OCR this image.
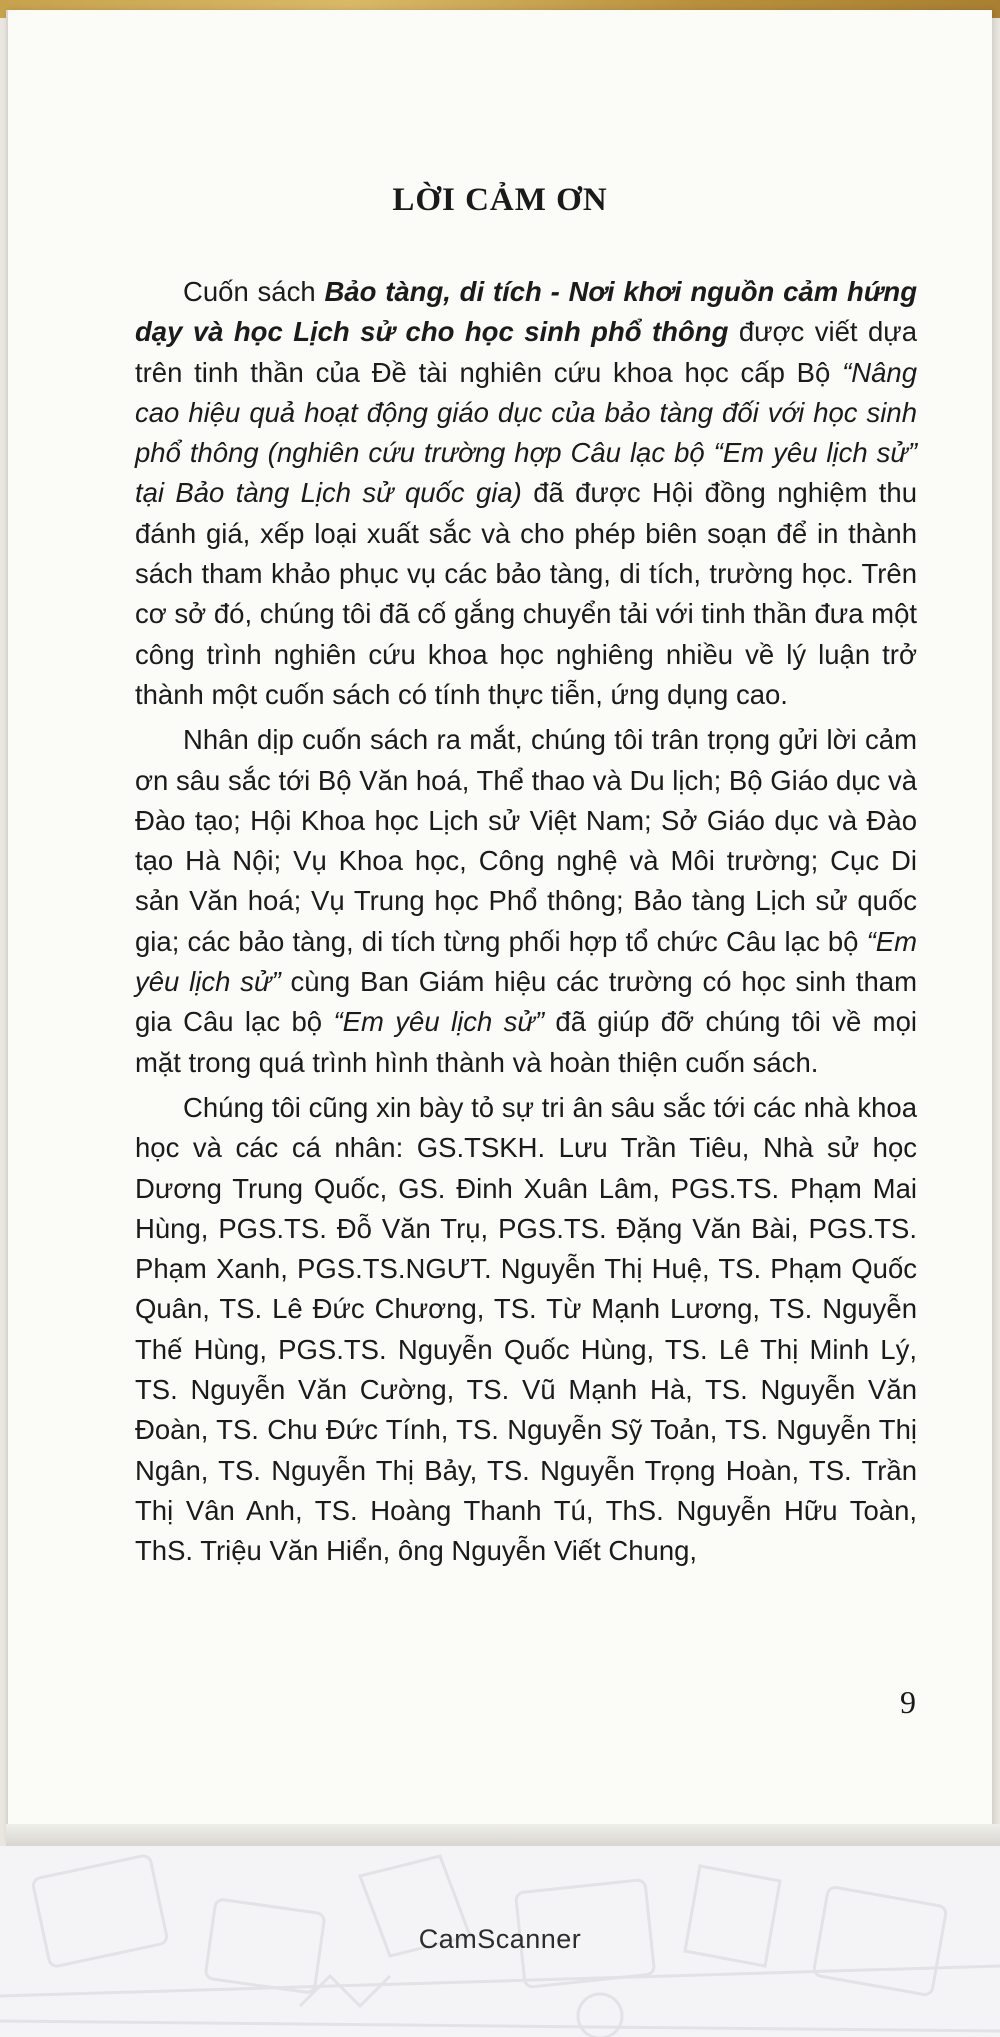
LỜI CẢM ƠN

Cuốn sách Bảo tàng, di tích - Nơi khơi nguồn cảm hứng dạy và học Lịch sử cho học sinh phổ thông được viết dựa trên tinh thần của Đề tài nghiên cứu khoa học cấp Bộ “Nâng cao hiệu quả hoạt động giáo dục của bảo tàng đối với học sinh phổ thông (nghiên cứu trường hợp Câu lạc bộ “Em yêu lịch sử” tại Bảo tàng Lịch sử quốc gia) đã được Hội đồng nghiệm thu đánh giá, xếp loại xuất sắc và cho phép biên soạn để in thành sách tham khảo phục vụ các bảo tàng, di tích, trường học. Trên cơ sở đó, chúng tôi đã cố gắng chuyển tải với tinh thần đưa một công trình nghiên cứu khoa học nghiêng nhiều về lý luận trở thành một cuốn sách có tính thực tiễn, ứng dụng cao.

Nhân dịp cuốn sách ra mắt, chúng tôi trân trọng gửi lời cảm ơn sâu sắc tới Bộ Văn hoá, Thể thao và Du lịch; Bộ Giáo dục và Đào tạo; Hội Khoa học Lịch sử Việt Nam; Sở Giáo dục và Đào tạo Hà Nội; Vụ Khoa học, Công nghệ và Môi trường; Cục Di sản Văn hoá; Vụ Trung học Phổ thông; Bảo tàng Lịch sử quốc gia; các bảo tàng, di tích từng phối hợp tổ chức Câu lạc bộ “Em yêu lịch sử” cùng Ban Giám hiệu các trường có học sinh tham gia Câu lạc bộ “Em yêu lịch sử” đã giúp đỡ chúng tôi về mọi mặt trong quá trình hình thành và hoàn thiện cuốn sách.

Chúng tôi cũng xin bày tỏ sự tri ân sâu sắc tới các nhà khoa học và các cá nhân: GS.TSKH. Lưu Trần Tiêu, Nhà sử học Dương Trung Quốc, GS. Đinh Xuân Lâm, PGS.TS. Phạm Mai Hùng, PGS.TS. Đỗ Văn Trụ, PGS.TS. Đặng Văn Bài, PGS.TS. Phạm Xanh, PGS.TS.NGƯT. Nguyễn Thị Huệ, TS. Phạm Quốc Quân, TS. Lê Đức Chương, TS. Từ Mạnh Lương, TS. Nguyễn Thế Hùng, PGS.TS. Nguyễn Quốc Hùng, TS. Lê Thị Minh Lý, TS. Nguyễn Văn Cường, TS. Vũ Mạnh Hà, TS. Nguyễn Văn Đoàn, TS. Chu Đức Tính, TS. Nguyễn Sỹ Toản, TS. Nguyễn Thị Ngân, TS. Nguyễn Thị Bảy, TS. Nguyễn Trọng Hoàn, TS. Trần Thị Vân Anh, TS. Hoàng Thanh Tú, ThS. Nguyễn Hữu Toàn, ThS. Triệu Văn Hiển, ông Nguyễn Viết Chung,

9
CamScanner
